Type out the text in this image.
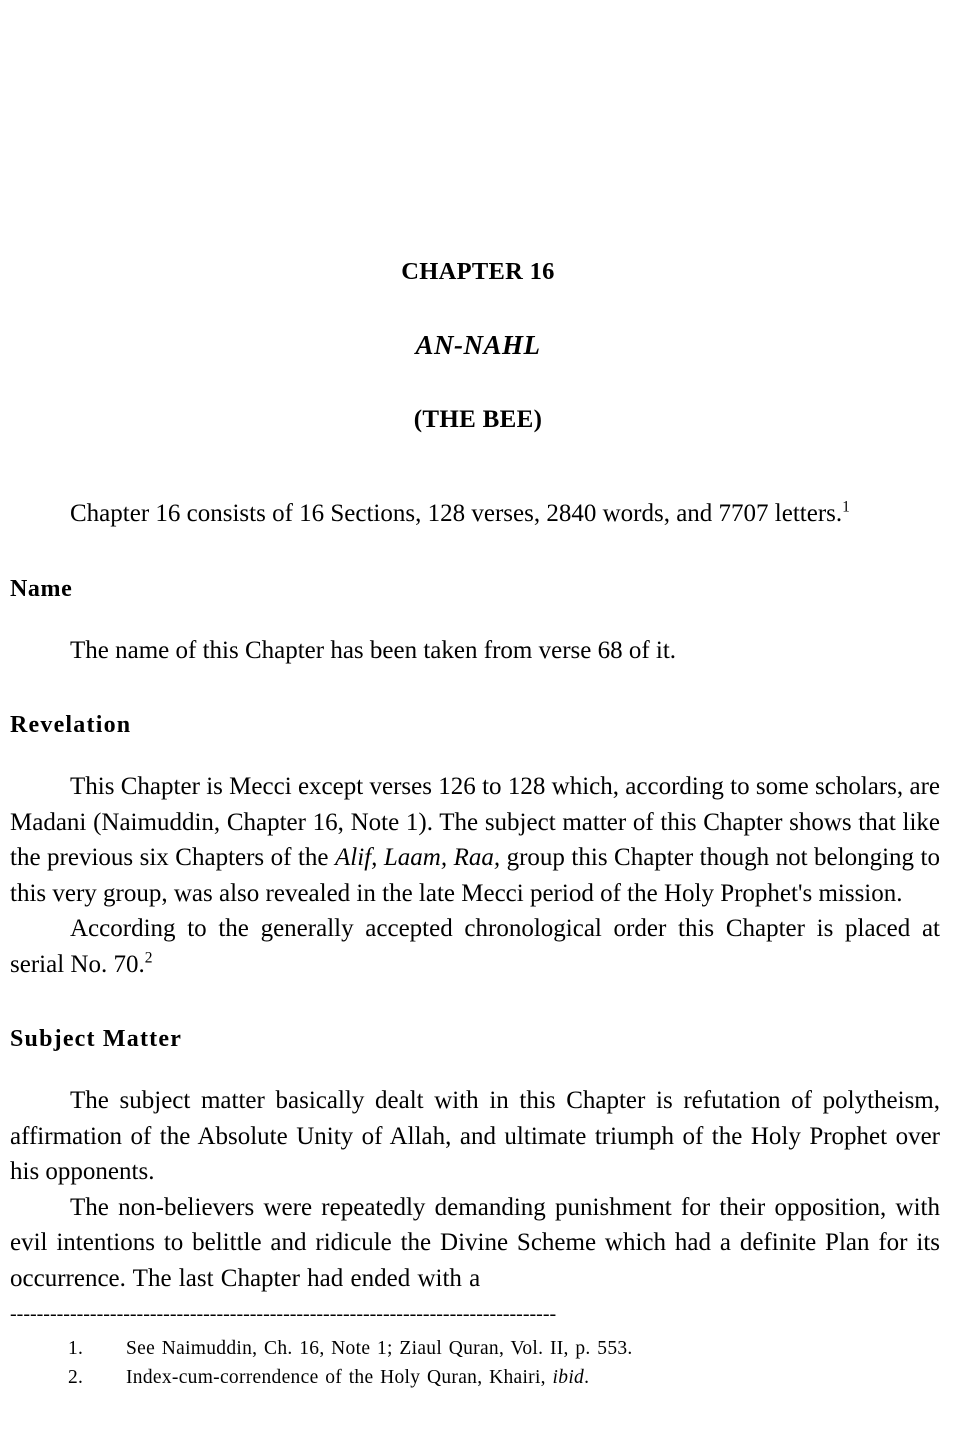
CHAPTER 16
AN-NAHL
(THE BEE)

Chapter 16 consists of 16 Sections, 128 verses, 2840 words, and 7707 letters.$^1$

Name

The name of this Chapter has been taken from verse 68 of it.

Revelation

This Chapter is Mecci except verses 126 to 128 which, according to some scholars, are Madani (Naimuddin, Chapter 16, Note 1). The subject matter of this Chapter shows that like the previous six Chapters of the Alif, Laam, Raa, group this Chapter though not belonging to this very group, was also revealed in the late Mecci period of the Holy Prophet's mission.

According to the generally accepted chronological order this Chapter is placed at serial No. 70.$^2$

Subject Matter

The subject matter basically dealt with in this Chapter is refutation of polytheism, affirmation of the Absolute Unity of Allah, and ultimate triumph of the Holy Prophet over his opponents.

The non-believers were repeatedly demanding punishment for their opposition, with evil intentions to belittle and ridicule the Divine Scheme which had a definite Plan for its occurrence. The last Chapter had ended with a

----------------------------------------------------------------------------------
1.	See Naimuddin, Ch. 16, Note 1; Ziaul Quran, Vol. II, p. 553.
2.	Index-cum-correndence of the Holy Quran, Khairi, ibid.
